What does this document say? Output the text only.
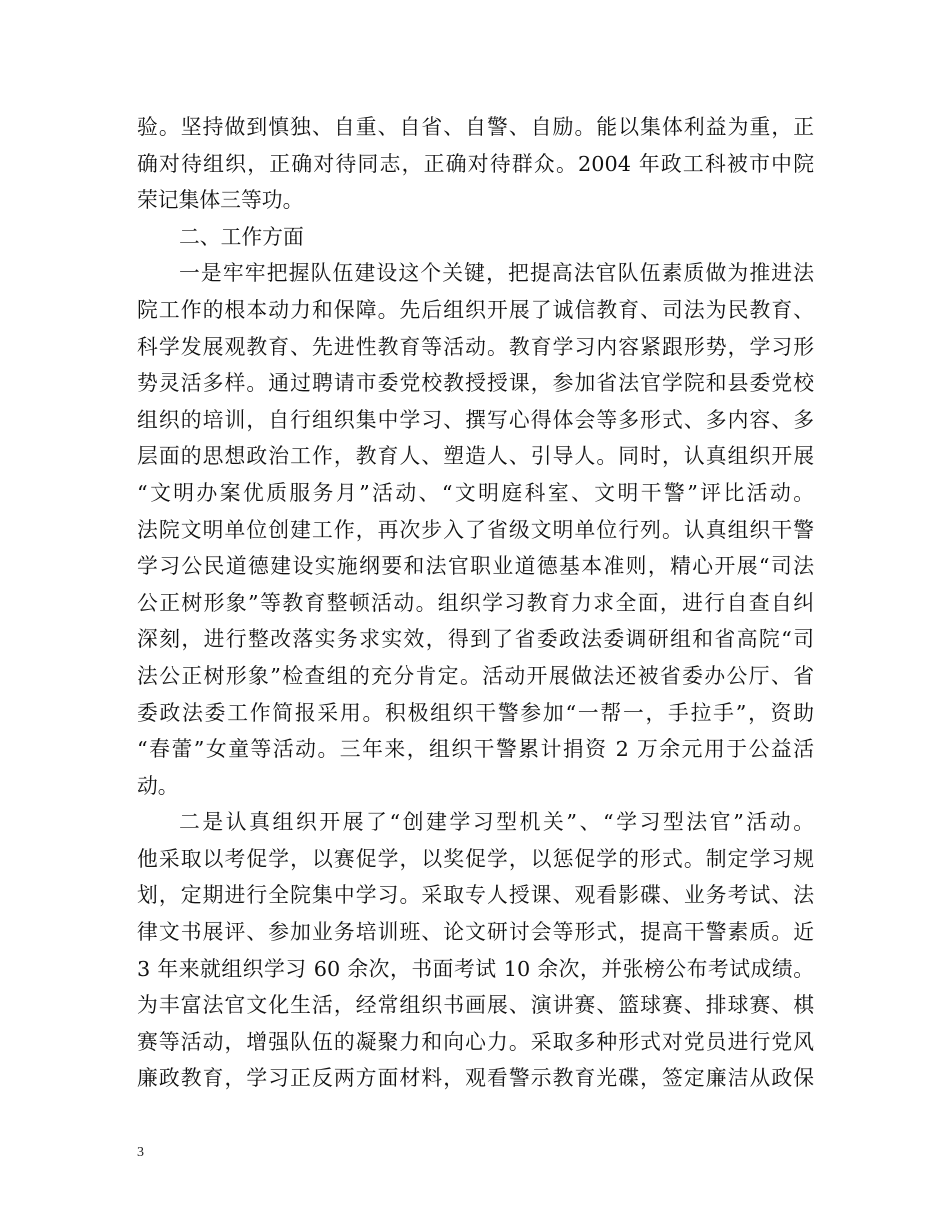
验。坚持做到慎独、自重、自省、自警、自励。能以集体利益为重，正
确对待组织，正确对待同志，正确对待群众。2004 年政工科被市中院
荣记集体三等功。
二、工作方面
一是牢牢把握队伍建设这个关键，把提高法官队伍素质做为推进法
院工作的根本动力和保障。先后组织开展了诚信教育、司法为民教育、
科学发展观教育、先进性教育等活动。教育学习内容紧跟形势，学习形
势灵活多样。通过聘请市委党校教授授课，参加省法官学院和县委党校
组织的培训，自行组织集中学习、撰写心得体会等多形式、多内容、多
层面的思想政治工作，教育人、塑造人、引导人。同时，认真组织开展
“文明办案优质服务月”活动、“文明庭科室、文明干警”评比活动。
法院文明单位创建工作，再次步入了省级文明单位行列。认真组织干警
学习公民道德建设实施纲要和法官职业道德基本准则，精心开展“司法
公正树形象”等教育整顿活动。组织学习教育力求全面，进行自查自纠
深刻，进行整改落实务求实效，得到了省委政法委调研组和省高院“司
法公正树形象”检查组的充分肯定。活动开展做法还被省委办公厅、省
委政法委工作简报采用。积极组织干警参加“一帮一，手拉手”，资助
“春蕾”女童等活动。三年来，组织干警累计捐资 2 万余元用于公益活
动。
二是认真组织开展了“创建学习型机关”、“学习型法官”活动。
他采取以考促学，以赛促学，以奖促学，以惩促学的形式。制定学习规
划，定期进行全院集中学习。采取专人授课、观看影碟、业务考试、法
律文书展评、参加业务培训班、论文研讨会等形式，提高干警素质。近
3 年来就组织学习 60 余次，书面考试 10 余次，并张榜公布考试成绩。
为丰富法官文化生活，经常组织书画展、演讲赛、篮球赛、排球赛、棋
赛等活动，增强队伍的凝聚力和向心力。采取多种形式对党员进行党风
廉政教育，学习正反两方面材料，观看警示教育光碟，签定廉洁从政保
3
